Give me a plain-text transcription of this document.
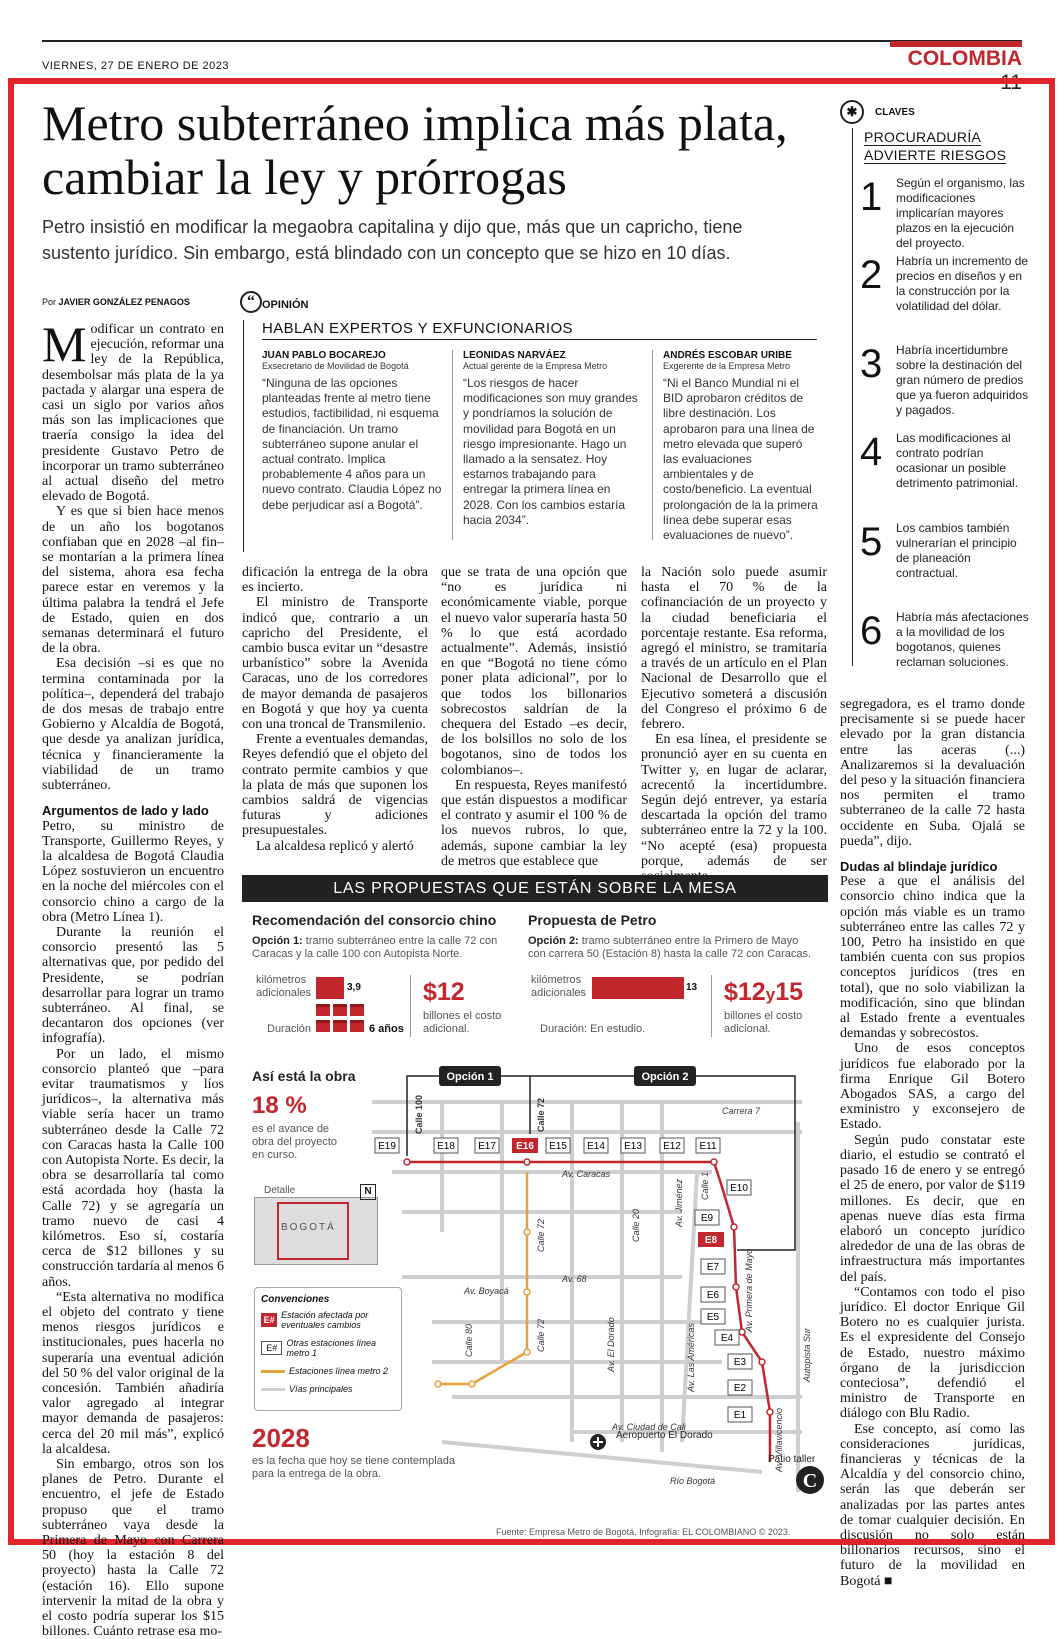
VIERNES, 27 DE ENERO DE 2023	COLOMBIA 11
Metro subterráneo implica más plata, cambiar la ley y prórrogas
Petro insistió en modificar la megaobra capitalina y dijo que, más que un capricho, tiene sustento jurídico. Sin embargo, está blindado con un concepto que se hizo en 10 días.
Por JAVIER GONZÁLEZ PENAGOS

Modificar un contrato en ejecución, reformar una ley de la República, desembolsar más plata de la ya pactada y alargar una espera de casi un siglo por varios años más son las implicaciones que traería consigo la idea del presidente Gustavo Petro de incorporar un tramo subterráneo al actual diseño del metro elevado de Bogotá.

Y es que si bien hace menos de un año los bogotanos confiaban que en 2028 –al fin– se montarían a la primera línea del sistema, ahora esa fecha parece estar en veremos y la última palabra la tendrá el Jefe de Estado, quien en dos semanas determinará el futuro de la obra.

Esa decisión –si es que no termina contaminada por la política–, dependerá del trabajo de dos mesas de trabajo entre Gobierno y Alcaldía de Bogotá, que desde ya analizan jurídica, técnica y financieramente la viabilidad de un tramo subterráneo.

Argumentos de lado y lado

Petro, su ministro de Transporte, Guillermo Reyes, y la alcaldesa de Bogotá Claudia López sostuvieron un encuentro en la noche del miércoles con el consorcio chino a cargo de la obra (Metro Línea 1).

Durante la reunión el consorcio presentó las 5 alternativas que, por pedido del Presidente, se podrían desarrollar para lograr un tramo subterráneo. Al final, se decantaron dos opciones (ver infografía).

Por un lado, el mismo consorcio planteó que –para evitar traumatismos y líos jurídicos–, la alternativa más viable sería hacer un tramo subterráneo desde la Calle 72 con Caracas hasta la Calle 100 con Autopista Norte. Es decir, la obra se desarrollaría tal como está acordada hoy (hasta la Calle 72) y se agregaría un tramo nuevo de casi 4 kilómetros. Eso sí, costaría cerca de $12 billones y su construcción tardaría al menos 6 años.

“Esta alternativa no modifica el objeto del contrato y tiene menos riesgos jurídicos e institucionales, pues hacerla no superaría una eventual adición del 50 % del valor original de la concesión. También añadiría valor agregado al integrar mayor demanda de pasajeros: cerca del 20 mil más”, explicó la alcaldesa.

Sin embargo, otros son los planes de Petro. Durante el encuentro, el jefe de Estado propuso que el tramo subterráneo vaya desde la Primera de Mayo con Carrera 50 (hoy la estación 8 del proyecto) hasta la Calle 72 (estación 16). Ello supone intervenir la mitad de la obra y el costo podría superar los $15 billones. Cuánto retrase esa mo-

“ OPINIÓN
HABLAN EXPERTOS Y EXFUNCIONARIOS
JUAN PABLO BOCAREJO
Exsecretario de Movilidad de Bogotá
“Ninguna de las opciones planteadas frente al metro tiene estudios, factibilidad, ni esquema de financiación. Un tramo subterráneo supone anular el actual contrato. Implica probablemente 4 años para un nuevo contrato. Claudia López no debe perjudicar así a Bogotá”.
LEONIDAS NARVÁEZ
Actual gerente de la Empresa Metro
“Los riesgos de hacer modificaciones son muy grandes y pondríamos la solución de movilidad para Bogotá en un riesgo impresionante. Hago un llamado a la sensatez. Hoy estamos trabajando para entregar la primera línea en 2028. Con los cambios estaría hacia 2034”.
ANDRÉS ESCOBAR URIBE
Exgerente de la Empresa Metro
“Ni el Banco Mundial ni el BID aprobaron créditos de libre destinación. Los aprobaron para una línea de metro elevada que superó las evaluaciones ambientales y de costo/beneficio. La eventual prolongación de la la primera línea debe superar esas evaluaciones de nuevo”.

dificación la entrega de la obra es incierto.

El ministro de Transporte indicó que, contrario a un capricho del Presidente, el cambio busca evitar un “desastre urbanístico” sobre la Avenida Caracas, uno de los corredores de mayor demanda de pasajeros en Bogotá y que hoy ya cuenta con una troncal de Transmilenio.

Frente a eventuales demandas, Reyes defendió que el objeto del contrato permite cambios y que la plata de más que suponen los cambios saldrá de vigencias futuras y adiciones presupuestales.

La alcaldesa replicó y alertó

que se trata de una opción que “no es jurídica ni económicamente viable, porque el nuevo valor superaría hasta 50 % lo que está acordado actualmente”. Además, insistió en que “Bogotá no tiene cómo poner plata adicional”, por lo que todos los billonarios sobrecostos saldrían de la chequera del Estado –es decir, de los bolsillos no solo de los bogotanos, sino de todos los colombianos–.

En respuesta, Reyes manifestó que están dispuestos a modificar el contrato y asumir el 100 % de los nuevos rubros, lo que, además, supone cambiar la ley de metros que establece que

la Nación solo puede asumir hasta el 70 % de la cofinanciación de un proyecto y la ciudad beneficiaria el porcentaje restante. Esa reforma, agregó el ministro, se tramitaría a través de un artículo en el Plan Nacional de Desarrollo que el Ejecutivo someterá a discusión del Congreso el próximo 6 de febrero.

En esa línea, el presidente se pronunció ayer en su cuenta en Twitter y, en lugar de aclarar, acrecentó la incertidumbre. Según dejó entrever, ya estaría descartada la opción del tramo subterráneo entre la 72 y la 100. “No acepté (esa) propuesta porque, además de ser

✱	CLAVES
PROCURADURÍA ADVIERTE RIESGOS
1 Según el organismo, las modificaciones implicarían mayores plazos en la ejecución del proyecto.
2 Habría un incremento de precios en diseños y en la construcción por la volatilidad del dólar.
3 Habría incertidumbre sobre la destinación del gran número de predios que ya fueron adquiridos y pagados.
4 Las modificaciones al contrato podrían ocasionar un posible detrimento patrimonial.
5 Los cambios también vulnerarían el principio de planeación contractual.
6 Habría más afectaciones a la movilidad de los bogotanos, quienes reclaman soluciones.

segregadora, es el tramo donde precisamente si se puede hacer elevado por la gran distancia entre las aceras (...) Analizaremos si la devaluación del peso y la situación financiera nos permiten el tramo subterraneo de la calle 72 hasta occidente en Suba. Ojalá se pueda”, dijo.

Dudas al blindaje jurídico

Pese a que el análisis del consorcio chino indica que la opción más viable es un tramo subterráneo entre las calles 72 y 100, Petro ha insistido en que también cuenta con sus propios conceptos jurídicos (tres en total), que no solo viabilizan la modificación, sino que blindan al Estado frente a eventuales demandas y sobrecostos.

Uno de esos conceptos jurídicos fue elaborado por la firma Enrique Gil Botero Abogados SAS, a cargo del exministro y exconsejero de Estado.

Según pudo constatar este diario, el estudio se contrató el pasado 16 de enero y se entregó el 25 de enero, por valor de $119 millones. Es decir, que en apenas nueve días esta firma elaboró un concepto jurídico alrededor de una de las obras de infraestructura más importantes del país.

“Contamos con todo el piso jurídico. El doctor Enrique Gil Botero no es cualquier jurista. Es el expresidente del Consejo de Estado, nuestro máximo órgano de la jurisdiccion conteciosa”, defendió el ministro de Transporte en diálogo con Blu Radio.

Ese concepto, así como las consideraciones jurídicas, financieras y técnicas de la Alcaldía y del consorcio chino, serán las que deberán ser analizadas por las partes antes de tomar cualquier decisión. En discusión no solo están billonarios recursos, sino el futuro de la movilidad en Bogotá ■

LAS PROPUESTAS QUE ESTÁN SOBRE LA MESA
Recomendación del consorcio chino
Opción 1: tramo subterráneo entre la calle 72 con Caracas y la calle 100 con Autopista Norte.
kilómetros adicionales	3,9
Duración	6 años
$12
billones el costo adicional.
Propuesta de Petro
Opción 2: tramo subterráneo entre la Primero de Mayo con carrera 50 (Estación 8) hasta la calle 72 con Caracas.
kilómetros adicionales	13
Duración: En estudio.
$12y15
billones el costo adicional.
Opción 1	Opción 2
E19	E18 E17 E16 E15 E14 E13 E12 E11
E10
E9
E8
E7
E6
E5
E4
E3
E2
E1
Carrera 7
Calle 100	Calle 72
Av. Caracas
Av. Jiménez Calle 1
Calle 72	Calle 20
Av. 68
Av. Boyacá
Calle 80	Calle 72	Av. El Dorado	Av. Las Américas
Av. Primera de Mayo
Autopista Sur
Av. Villavicencio
Av. Ciudad de Cali
Río Bogotá
Aeropuerto El Dorado
Patio taller
C
Así está la obra
18 %
es el avance de obra del proyecto en curso.
Detalle
BOGOTÁ
N
Convenciones
E# Estación afectada por eventuales cambios
E#	Otras estaciones línea metro 1
Estaciones línea metro 2
Vías principales
2028
es la fecha que hoy se tiene contemplada para la entrega de la obra.
Fuente: Empresa Metro de Bogotá. Infografía: EL COLOMBIANO © 2023.
